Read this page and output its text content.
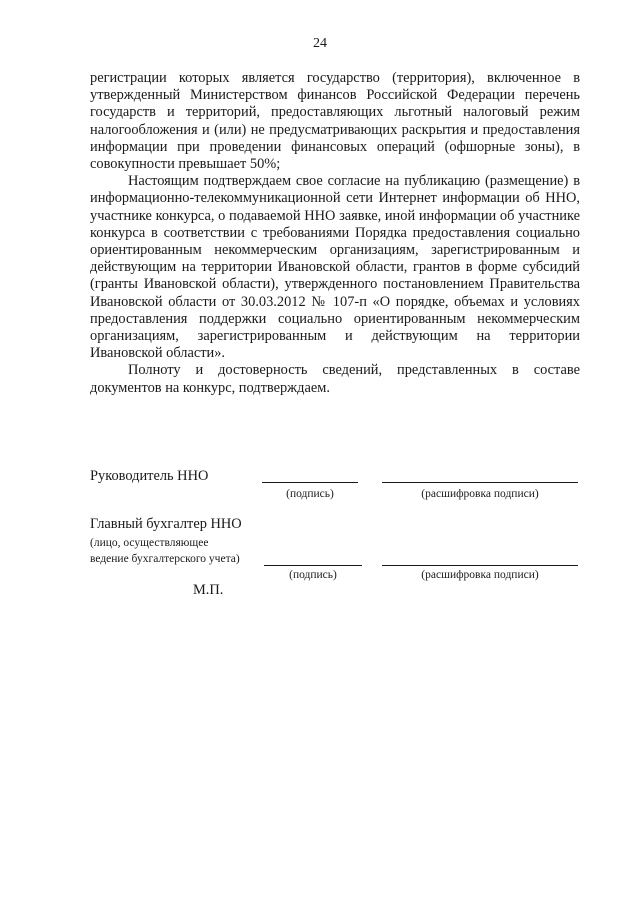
24

регистрации которых является государство (территория), включенное в утвержденный Министерством финансов Российской Федерации перечень государств и территорий, предоставляющих льготный налоговый режим налогообложения и (или) не предусматривающих раскрытия и предоставления информации при проведении финансовых операций (офшорные зоны), в совокупности превышает 50%;

Настоящим подтверждаем свое согласие на публикацию (размещение) в информационно-телекоммуникационной сети Интернет информации об ННО, участнике конкурса, о подаваемой ННО заявке, иной информации об участнике конкурса в соответствии с требованиями Порядка предоставления социально ориентированным некоммерческим организациям, зарегистрированным и действующим на территории Ивановской области, грантов в форме субсидий (гранты Ивановской области), утвержденного постановлением Правительства Ивановской области от 30.03.2012 № 107-п «О порядке, объемах и условиях предоставления поддержки социально ориентированным некоммерческим организациям, зарегистрированным и действующим на территории Ивановской области».

Полноту и достоверность сведений, представленных в составе документов на конкурс, подтверждаем.

Руководитель ННО
(подпись)	(расшифровка подписи)
Главный бухгалтер ННО
(лицо, осуществляющее
ведение бухгалтерского учета)
(подпись)	(расшифровка подписи)
М.П.
